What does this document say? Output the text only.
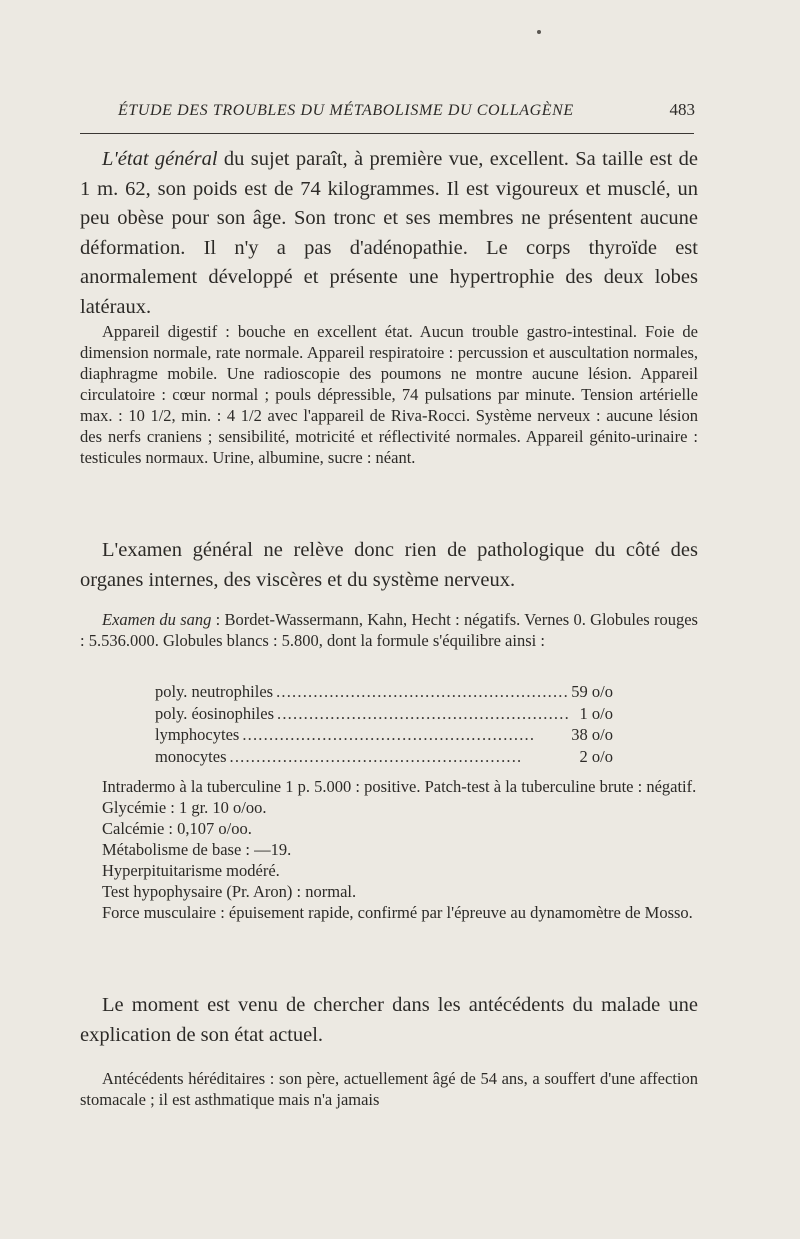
ÉTUDE DES TROUBLES DU MÉTABOLISME DU COLLAGÈNE	483

L'état général du sujet paraît, à première vue, excellent. Sa taille est de 1 m. 62, son poids est de 74 kilogrammes. Il est vigoureux et musclé, un peu obèse pour son âge. Son tronc et ses membres ne présentent aucune déformation. Il n'y a pas d'adénopathie. Le corps thyroïde est anormalement développé et présente une hypertrophie des deux lobes latéraux.

Appareil digestif : bouche en excellent état. Aucun trouble gastro-intestinal. Foie de dimension normale, rate normale. Appareil respiratoire : percussion et auscultation normales, diaphragme mobile. Une radioscopie des poumons ne montre aucune lésion. Appareil circulatoire : cœur normal ; pouls dépressible, 74 pulsations par minute. Tension artérielle max. : 10 1/2, min. : 4 1/2 avec l'appareil de Riva-Rocci. Système nerveux : aucune lésion des nerfs craniens ; sensibilité, motricité et réflectivité normales. Appareil génito-urinaire : testicules normaux. Urine, albumine, sucre : néant.

L'examen général ne relève donc rien de pathologique du côté des organes internes, des viscères et du système nerveux.

Examen du sang : Bordet-Wassermann, Kahn, Hecht : négatifs. Vernes 0. Globules rouges : 5.536.000. Globules blancs : 5.800, dont la formule s'équilibre ainsi :

poly. neutrophiles ....................................................... 59 o/o
poly. éosinophiles ....................................................... 1 o/o
lymphocytes .......................................................	38 o/o
monocytes .......................................................	2 o/o
Intradermo à la tuberculine 1 p. 5.000 : positive. Patch-test à la tuberculine brute : négatif.
Glycémie : 1 gr. 10 o/oo.
Calcémie : 0,107 o/oo.
Métabolisme de base : —19.
Hyperpituitarisme modéré.
Test hypophysaire (Pr. Aron) : normal.
Force musculaire : épuisement rapide, confirmé par l'épreuve au dynamomètre de Mosso.

Le moment est venu de chercher dans les antécédents du malade une explication de son état actuel.

Antécédents héréditaires : son père, actuellement âgé de 54 ans, a souffert d'une affection stomacale ; il est asthmatique mais n'a jamais
